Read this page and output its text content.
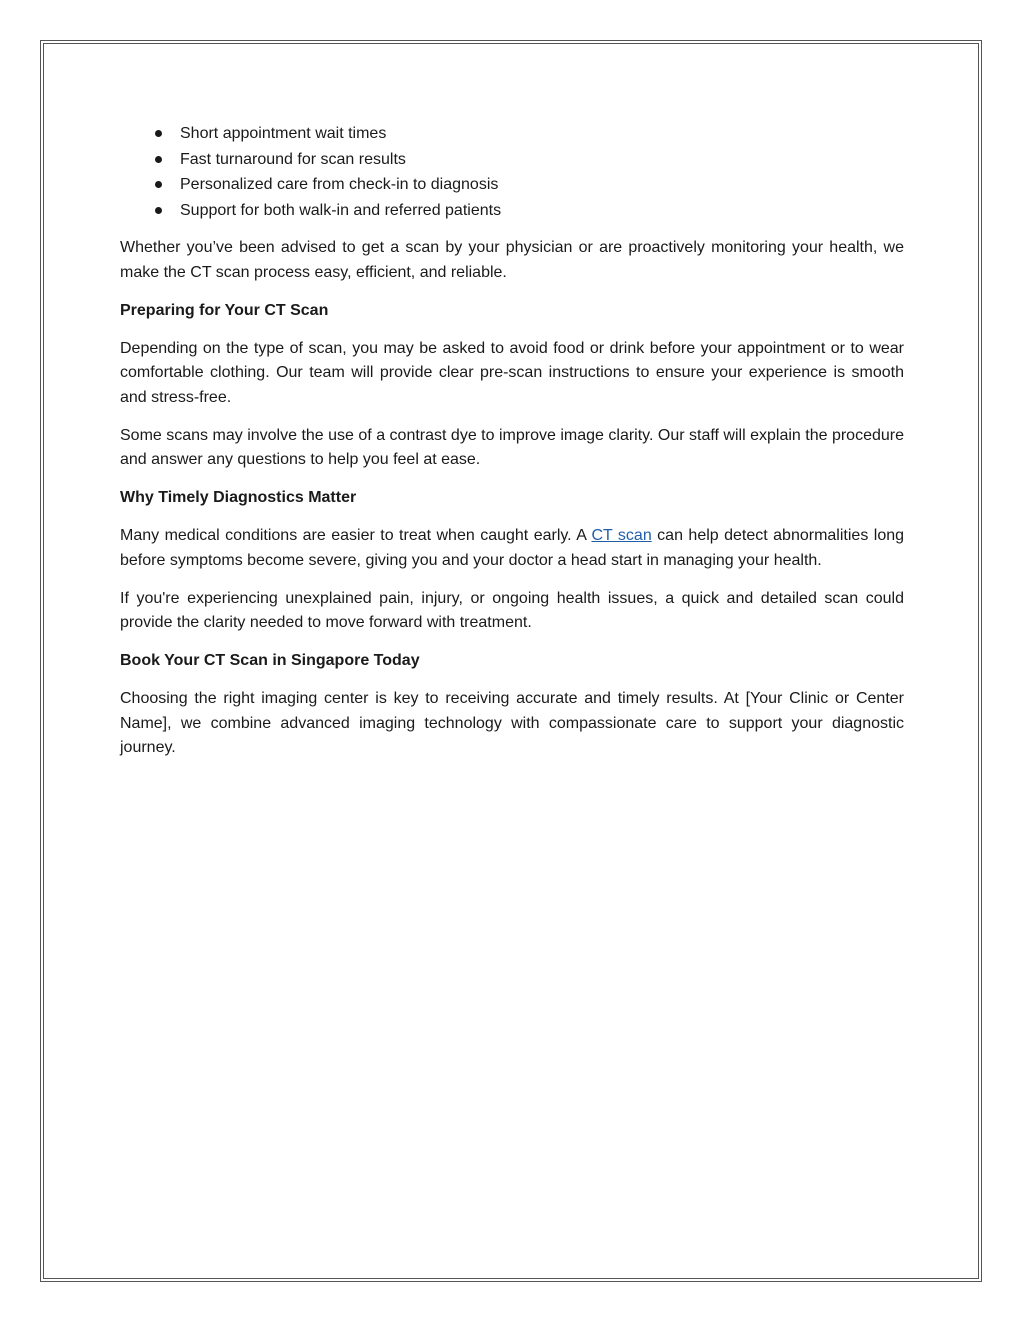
Short appointment wait times
Fast turnaround for scan results
Personalized care from check-in to diagnosis
Support for both walk-in and referred patients

Whether you’ve been advised to get a scan by your physician or are proactively monitoring your health, we make the CT scan process easy, efficient, and reliable.

Preparing for Your CT Scan

Depending on the type of scan, you may be asked to avoid food or drink before your appointment or to wear comfortable clothing. Our team will provide clear pre-scan instructions to ensure your experience is smooth and stress-free.

Some scans may involve the use of a contrast dye to improve image clarity. Our staff will explain the procedure and answer any questions to help you feel at ease.

Why Timely Diagnostics Matter

Many medical conditions are easier to treat when caught early. A CT scan can help detect abnormalities long before symptoms become severe, giving you and your doctor a head start in managing your health.

If you're experiencing unexplained pain, injury, or ongoing health issues, a quick and detailed scan could provide the clarity needed to move forward with treatment.

Book Your CT Scan in Singapore Today

Choosing the right imaging center is key to receiving accurate and timely results. At [Your Clinic or Center Name], we combine advanced imaging technology with compassionate care to support your diagnostic journey.
